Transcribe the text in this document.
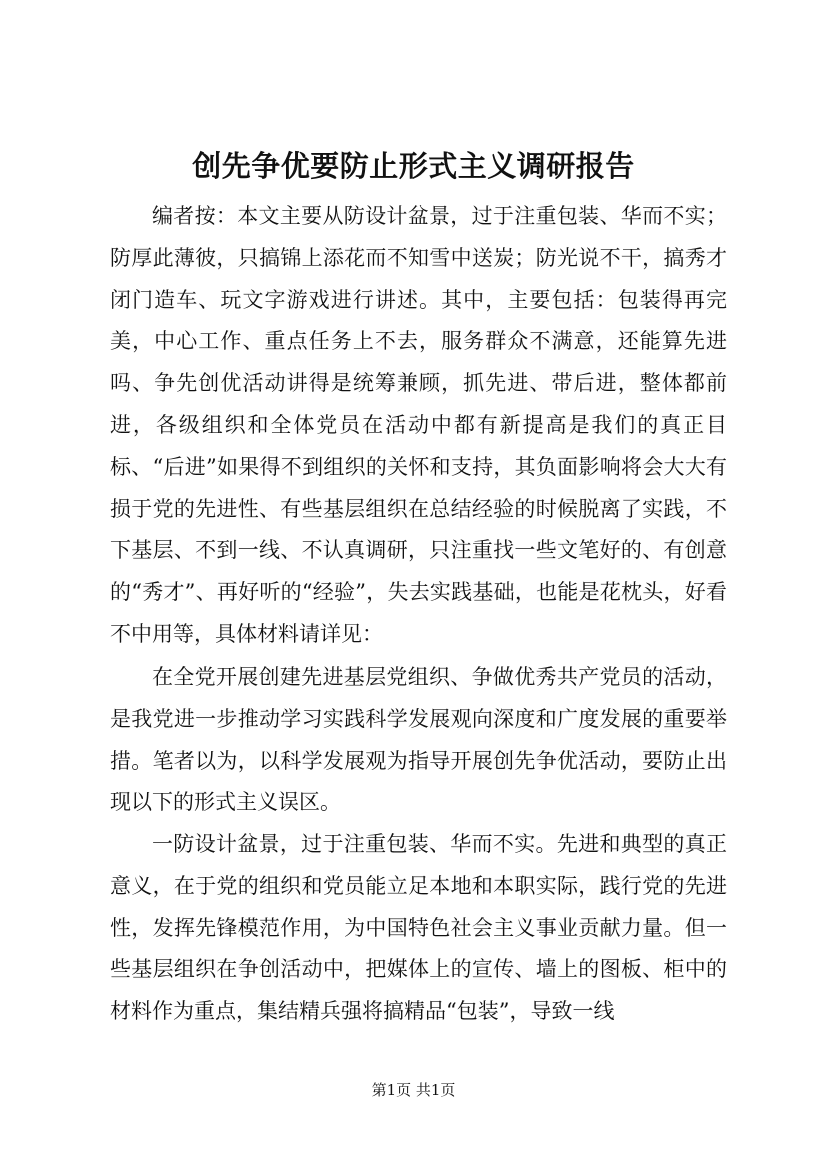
创先争优要防止形式主义调研报告

编者按：本文主要从防设计盆景，过于注重包装、华而不实；防厚此薄彼，只搞锦上添花而不知雪中送炭；防光说不干，搞秀才闭门造车、玩文字游戏进行讲述。其中，主要包括：包装得再完美，中心工作、重点任务上不去，服务群众不满意，还能算先进吗、争先创优活动讲得是统筹兼顾，抓先进、带后进，整体都前进，各级组织和全体党员在活动中都有新提高是我们的真正目标、“后进”如果得不到组织的关怀和支持，其负面影响将会大大有损于党的先进性、有些基层组织在总结经验的时候脱离了实践，不下基层、不到一线、不认真调研，只注重找一些文笔好的、有创意的“秀才”、再好听的“经验”，失去实践基础，也能是花枕头，好看不中用等，具体材料请详见：

在全党开展创建先进基层党组织、争做优秀共产党员的活动，是我党进一步推动学习实践科学发展观向深度和广度发展的重要举措。笔者以为，以科学发展观为指导开展创先争优活动，要防止出现以下的形式主义误区。

一防设计盆景，过于注重包装、华而不实。先进和典型的真正意义，在于党的组织和党员能立足本地和本职实际，践行党的先进性，发挥先锋模范作用，为中国特色社会主义事业贡献力量。但一些基层组织在争创活动中，把媒体上的宣传、墙上的图板、柜中的材料作为重点，集结精兵强将搞精品“包装”，导致一线

第1页 共1页
